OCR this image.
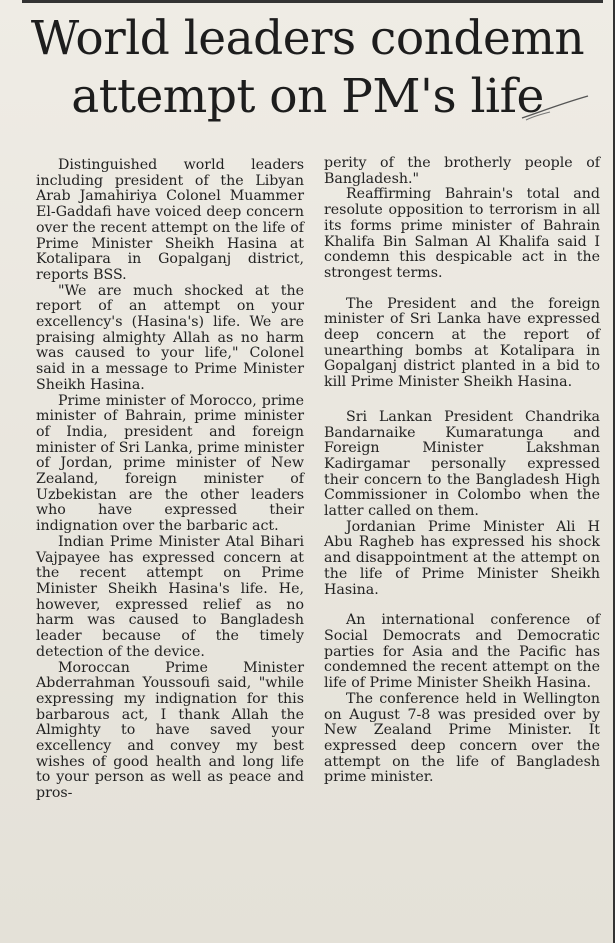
World leaders condemn
attempt on PM's life

Distinguished world leaders including president of the Libyan Arab Jamahiriya Colonel Muammer El-Gaddafi have voiced deep concern over the recent attempt on the life of Prime Minister Sheikh Hasina at Kotalipara in Gopalganj district, reports BSS.

"We are much shocked at the report of an attempt on your excellency's (Hasina's) life. We are praising almighty Allah as no harm was caused to your life," Colonel said in a message to Prime Minister Sheikh Hasina.

Prime minister of Morocco, prime minister of Bahrain, prime minister of India, president and foreign minister of Sri Lanka, prime minister of Jordan, prime minister of New Zealand, foreign minister of Uzbekistan are the other leaders who have expressed their indignation over the barbaric act.

Indian Prime Minister Atal Bihari Vajpayee has expressed concern at the recent attempt on Prime Minister Sheikh Hasina's life. He, however, expressed relief as no harm was caused to Bangladesh leader because of the timely detection of the device.

Moroccan Prime Minister Abderrahman Youssoufi said, "while expressing my indignation for this barbarous act, I thank Allah the Almighty to have saved your excellency and convey my best wishes of good health and long life to your person as well as peace and pros-

perity of the brotherly people of Bangladesh."

Reaffirming Bahrain's total and resolute opposition to terrorism in all its forms prime minister of Bahrain Khalifa Bin Salman Al Khalifa said I condemn this despicable act in the strongest terms.

The President and the foreign minister of Sri Lanka have expressed deep concern at the report of unearthing bombs at Kotalipara in Gopalganj district planted in a bid to kill Prime Minister Sheikh Hasina.

Sri Lankan President Chandrika Bandarnaike Kumaratunga and Foreign Minister Lakshman Kadirgamar personally expressed their concern to the Bangladesh High Commissioner in Colombo when the latter called on them.

Jordanian Prime Minister Ali H Abu Ragheb has expressed his shock and disappointment at the attempt on the life of Prime Minister Sheikh Hasina.

An international conference of Social Democrats and Democratic parties for Asia and the Pacific has condemned the recent attempt on the life of Prime Minister Sheikh Hasina.

The conference held in Wellington on August 7-8 was presided over by New Zealand Prime Minister. It expressed deep concern over the attempt on the life of Bangladesh prime minister.
